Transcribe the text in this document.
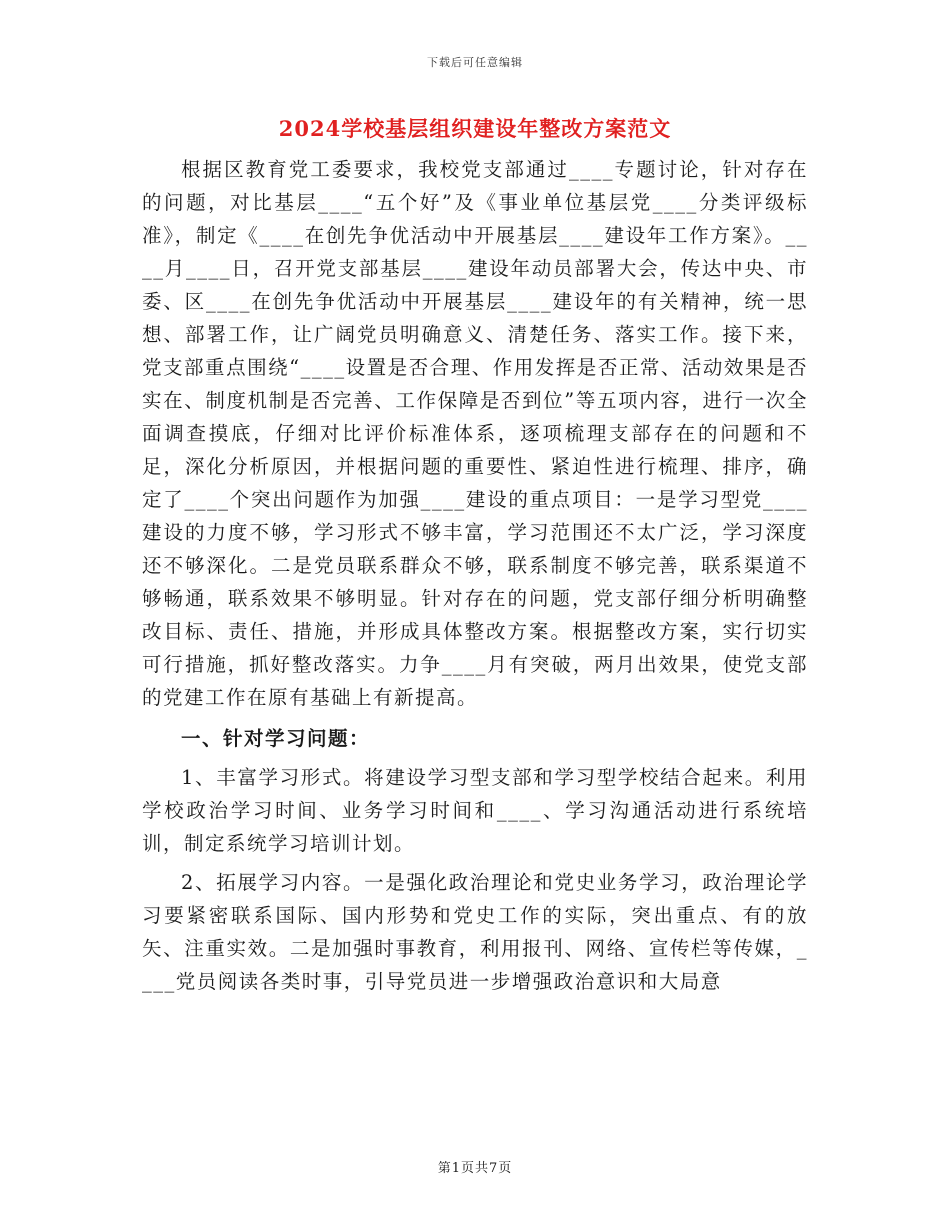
下载后可任意编辑
2024学校基层组织建设年整改方案范文

根据区教育党工委要求，我校党支部通过____专题讨论，针对存在的问题，对比基层____“五个好”及《事业单位基层党____分类评级标准》，制定《____在创先争优活动中开展基层____建设年工作方案》。____月____日，召开党支部基层____建设年动员部署大会，传达中央、市委、区____在创先争优活动中开展基层____建设年的有关精神，统一思想、部署工作，让广阔党员明确意义、清楚任务、落实工作。接下来，党支部重点围绕“____设置是否合理、作用发挥是否正常、活动效果是否实在、制度机制是否完善、工作保障是否到位”等五项内容，进行一次全面调查摸底，仔细对比评价标准体系，逐项梳理支部存在的问题和不足，深化分析原因，并根据问题的重要性、紧迫性进行梳理、排序，确定了____个突出问题作为加强____建设的重点项目：一是学习型党____建设的力度不够，学习形式不够丰富，学习范围还不太广泛，学习深度还不够深化。二是党员联系群众不够，联系制度不够完善，联系渠道不够畅通，联系效果不够明显。针对存在的问题，党支部仔细分析明确整改目标、责任、措施，并形成具体整改方案。根据整改方案，实行切实可行措施，抓好整改落实。力争____月有突破，两月出效果，使党支部的党建工作在原有基础上有新提高。

一、针对学习问题：

1、丰富学习形式。将建设学习型支部和学习型学校结合起来。利用学校政治学习时间、业务学习时间和____、学习沟通活动进行系统培训，制定系统学习培训计划。

2、拓展学习内容。一是强化政治理论和党史业务学习，政治理论学习要紧密联系国际、国内形势和党史工作的实际，突出重点、有的放矢、注重实效。二是加强时事教育，利用报刊、网络、宣传栏等传媒，____党员阅读各类时事，引导党员进一步增强政治意识和大局意

第1页共7页
